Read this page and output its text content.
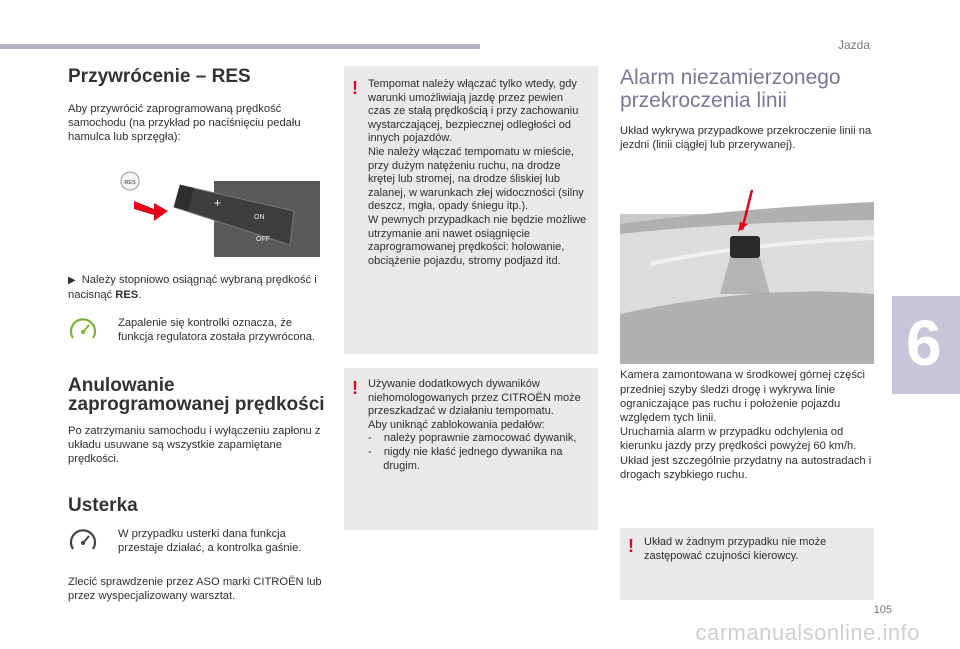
Jazda
6
105
carmanualsonline.info
Przywrócenie – RES

Aby przywrócić zaprogramowaną prędkość samochodu (na przykład po naciśnięciu pedału hamulca lub sprzęgła):

RES
+
–	ON
OFF
▶ Należy stopniowo osiągnąć wybraną prędkość i nacisnąć RES.

Zapalenie się kontrolki oznacza, że funkcja regulatora została przywrócona.

Anulowanie zaprogramowanej prędkości

Po zatrzymaniu samochodu i wyłączeniu zapłonu z układu usuwane są wszystkie zapamiętane prędkości.

Usterka

W przypadku usterki dana funkcja przestaje działać, a kontrolka gaśnie.

Zlecić sprawdzenie przez ASO marki CITROËN lub przez wyspecjalizowany warsztat.

! Tempomat należy włączać tylko wtedy, gdy warunki umożliwiają jazdę przez pewien czas ze stałą prędkością i przy zachowaniu wystarczającej, bezpiecznej odległości od innych pojazdów.
Nie należy włączać tempomatu w mieście, przy dużym natężeniu ruchu, na drodze krętej lub stromej, na drodze śliskiej lub zalanej, w warunkach złej widoczności (silny deszcz, mgła, opady śniegu itp.).
W pewnych przypadkach nie będzie możliwe utrzymanie ani nawet osiągnięcie zaprogramowanej prędkości: holowanie, obciążenie pojazdu, stromy podjazd itd.
! Używanie dodatkowych dywaników niehomologowanych przez CITROËN może przeszkadzać w działaniu tempomatu.
Aby uniknąć zablokowania pedałów:
-    należy poprawnie zamocować dywanik,
-    nigdy nie kłaść jednego dywanika na
drugim.
Alarm niezamierzonego przekroczenia linii

Układ wykrywa przypadkowe przekroczenie linii na jezdni (linii ciągłej lub przerywanej).

Kamera zamontowana w środkowej górnej części przedniej szyby śledzi drogę i wykrywa linie ograniczające pas ruchu i położenie pojazdu względem tych linii.
Uruchamia alarm w przypadku odchylenia od kierunku jazdy przy prędkości powyżej 60 km/h.
Układ jest szczególnie przydatny na autostradach i drogach szybkiego ruchu.

! Układ w żadnym przypadku nie może zastępować czujności kierowcy.
